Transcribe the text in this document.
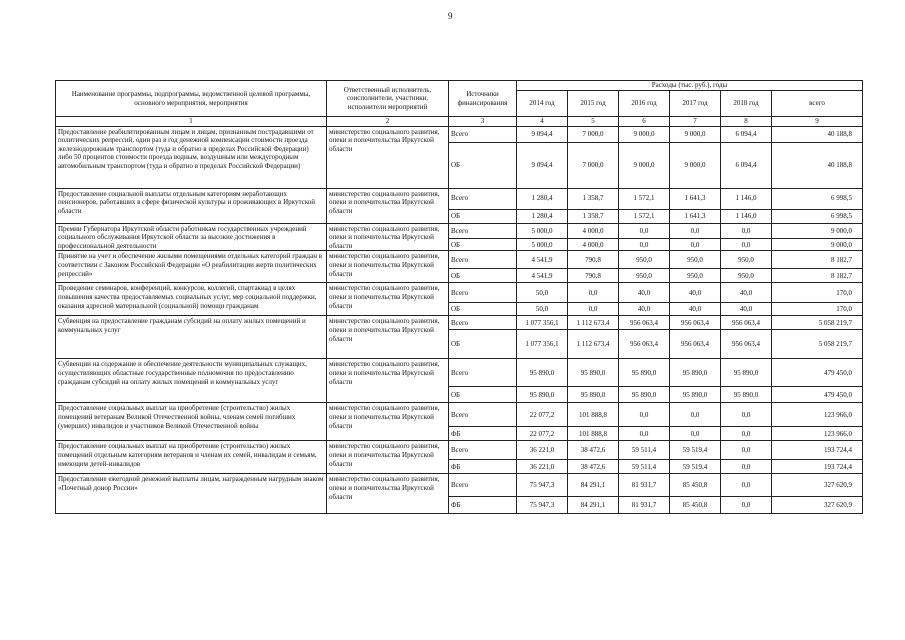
9
Наименование программы, подпрограммы, ведомственной целевой программы, основного мероприятия, мероприятия	Ответственный исполнитель, соисполнители, участники, исполнители мероприятий	Источники финансирования	Расходы (тыс. руб.), годы					
			2014 год	2015 год	2016 год	2017 год	2018 год	всего
1	2	3	4	5	6	7	8	9
Предоставление реабилитированным лицам и лицам, признанным пострадавшими от политических репрессий, один раз в год денежной компенсации стоимости проезда железнодорожным транспортом (туда и обратно в пределах Российской Федерации) либо 50 процентов стоимости проезда водным, воздушным или междугородным автомобильным транспортом (туда и обратно в пределах Российской Федерации)	министерство социального развития, опеки и попечительства Иркутской области	Всего	9 094,4	7 000,0	9 000,0	9 000,0	6 094,4	40 188,8
		ОБ	9 094,4	7 000,0	9 000,0	9 000,0	6 094,4	40 188,8
Предоставление социальной выплаты отдельным категориям неработающих пенсионеров, работавших в сфере физической культуры и проживающих в Иркутской области	министерство социального развития, опеки и попечительства Иркутской области	Всего	1 280,4	1 358,7	1 572,1	1 641,3	1 146,0	6 998,5
		ОБ	1 280,4	1 358,7	1 572,1	1 641,3	1 146,0	6 998,5
Премии Губернатора Иркутской области работникам государственных учреждений социального обслуживания Иркутской области за высокие достижения в профессиональной деятельности	министерство социального развития, опеки и попечительства Иркутской области	Всего	5 000,0	4 000,0	0,0	0,0	0,0	9 000,0
		ОБ	5 000,0	4 000,0	0,0	0,0	0,0	9 000,0
Принятие на учет и обеспечение жилыми помещениями отдельных категорий граждан в соответствии с Законом Российской Федерации «О реабилитации жертв политических репрессий»	министерство социального развития, опеки и попечительства Иркутской области	Всего	4 541,9	790,8	950,0	950,0	950,0	8 182,7
		ОБ	4 541,9	790,8	950,0	950,0	950,0	8 182,7
Проведение семинаров, конференций, конкурсов, коллегий, спартакиад в целях повышения качества предоставляемых социальных услуг, мер социальной поддержки, оказания адресной материальной (социальной) помощи гражданам	министерство социального развития, опеки и попечительства Иркутской области	Всего	50,0	0,0	40,0	40,0	40,0	170,0
		ОБ	50,0	0,0	40,0	40,0	40,0	170,0
Субвенция на предоставление гражданам субсидий на оплату жилых помещений и коммунальных услуг	министерство социального развития, опеки и попечительства Иркутской области	Всего	1 077 356,1	1 112 673,4	956 063,4	956 063,4	956 063,4	5 058 219,7
		ОБ	1 077 356,1	1 112 673,4	956 063,4	956 063,4	956 063,4	5 058 219,7
Субвенции на содержание и обеспечение деятельности муниципальных служащих, осуществляющих областные государственные полномочия по предоставлению гражданам субсидий на оплату жилых помещений и коммунальных услуг	министерство социального развития, опеки и попечительства Иркутской области	Всего	95 890,0	95 890,0	95 890,0	95 890,0	95 890,0	479 450,0
		ОБ	95 890,0	95 890,0	95 890,0	95 890,0	95 890,0	479 450,0
Предоставление социальных выплат на приобретение (строительство) жилых помещений ветеранам Великой Отечественной войны, членам семей погибших (умерших) инвалидов и участников Великой Отечественной войны	министерство социального развития, опеки и попечительства Иркутской области	Всего	22 077,2	101 888,8	0,0	0,0	0,0	123 966,0
		ФБ	22 077,2	101 888,8	0,0	0,0	0,0	123 966,0
Предоставление социальных выплат на приобретение (строительство) жилых помещений отдельным категориям ветеранов и членам их семей, инвалидам и семьям, имеющим детей-инвалидов	министерство социального развития, опеки и попечительства Иркутской области	Всего	36 221,0	38 472,6	59 511,4	59 519,4	0,0	193 724,4
		ФБ	36 221,0	38 472,6	59 511,4	59 519,4	0,0	193 724,4
Предоставление ежегодной денежной выплаты лицам, награжденным нагрудным знаком «Почетный донор России»	министерство социального развития, опеки и попечительства Иркутской области	Всего	75 947,3	84 291,1	81 931,7	85 450,8	0,0	327 620,9
		ФБ	75 947,3	84 291,1	81 931,7	85 450,8	0,0	327 620,9
